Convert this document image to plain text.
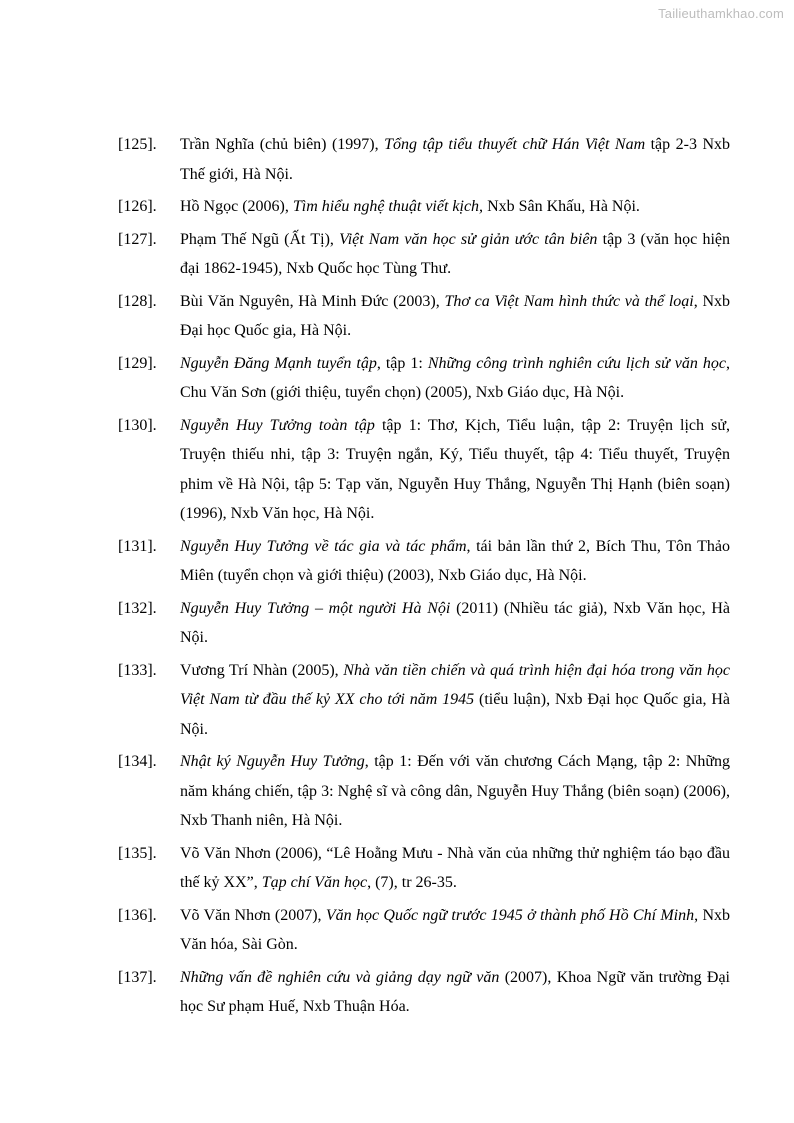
Tailieuthamkhao.com
[125].	Trần Nghĩa (chủ biên) (1997), Tổng tập tiểu thuyết chữ Hán Việt Nam tập 2-3 Nxb Thế giới, Hà Nội.
[126].	Hồ Ngọc (2006), Tìm hiểu nghệ thuật viết kịch, Nxb Sân Khấu, Hà Nội.
[127].	Phạm Thế Ngũ (Ất Tị), Việt Nam văn học sử giản ước tân biên tập 3 (văn học hiện đại 1862-1945), Nxb Quốc học Tùng Thư.
[128].	Bùi Văn Nguyên, Hà Minh Đức (2003), Thơ ca Việt Nam hình thức và thể loại, Nxb Đại học Quốc gia, Hà Nội.
[129].	Nguyễn Đăng Mạnh tuyển tập, tập 1: Những công trình nghiên cứu lịch sử văn học, Chu Văn Sơn (giới thiệu, tuyển chọn) (2005), Nxb Giáo dục, Hà Nội.
[130].	Nguyễn Huy Tưởng toàn tập tập 1: Thơ, Kịch, Tiểu luận, tập 2: Truyện lịch sử, Truyện thiếu nhi, tập 3: Truyện ngắn, Ký, Tiểu thuyết, tập 4: Tiểu thuyết, Truyện phim về Hà Nội, tập 5: Tạp văn, Nguyễn Huy Thắng, Nguyễn Thị Hạnh (biên soạn) (1996), Nxb Văn học, Hà Nội.
[131].	Nguyễn Huy Tưởng về tác gia và tác phẩm, tái bản lần thứ 2, Bích Thu, Tôn Thảo Miên (tuyển chọn và giới thiệu) (2003), Nxb Giáo dục, Hà Nội.
[132].	Nguyễn Huy Tưởng – một người Hà Nội (2011) (Nhiều tác giả), Nxb Văn học, Hà Nội.
[133].	Vương Trí Nhàn (2005), Nhà văn tiền chiến và quá trình hiện đại hóa trong văn học Việt Nam từ đầu thế kỷ XX cho tới năm 1945 (tiểu luận), Nxb Đại học Quốc gia, Hà Nội.
[134].	Nhật ký Nguyễn Huy Tưởng, tập 1: Đến với văn chương Cách Mạng, tập 2: Những năm kháng chiến, tập 3: Nghệ sĩ và công dân, Nguyễn Huy Thắng (biên soạn) (2006), Nxb Thanh niên, Hà Nội.
[135].	Võ Văn Nhơn (2006), “Lê Hoằng Mưu - Nhà văn của những thử nghiệm táo bạo đầu thế kỷ XX”, Tạp chí Văn học, (7), tr 26-35.
[136].	Võ Văn Nhơn (2007), Văn học Quốc ngữ trước 1945 ở thành phố Hồ Chí Minh, Nxb Văn hóa, Sài Gòn.
[137].	Những vấn đề nghiên cứu và giảng dạy ngữ văn (2007), Khoa Ngữ văn trường Đại học Sư phạm Huế, Nxb Thuận Hóa.
